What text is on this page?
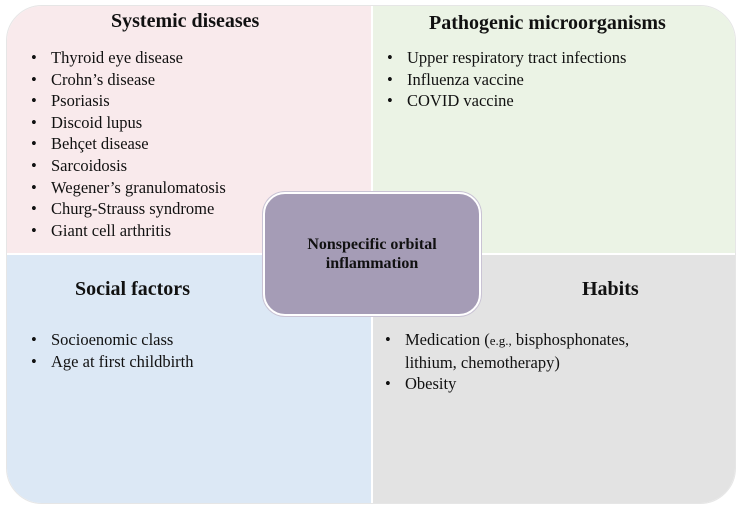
Systemic diseases
• Thyroid eye disease
• Crohn’s disease
• Psoriasis
• Discoid lupus
• Behçet disease
• Sarcoidosis
• Wegener’s granulomatosis
• Churg-Strauss syndrome
• Giant cell arthritis
Pathogenic microorganisms
• Upper respiratory tract infections
• Influenza vaccine
• COVID vaccine
Social factors
• Socioenomic class
• Age at first childbirth
Habits
• Medication (e.g., bisphosphonates, lithium, chemotherapy)
• Obesity
Nonspecific orbital inflammation
